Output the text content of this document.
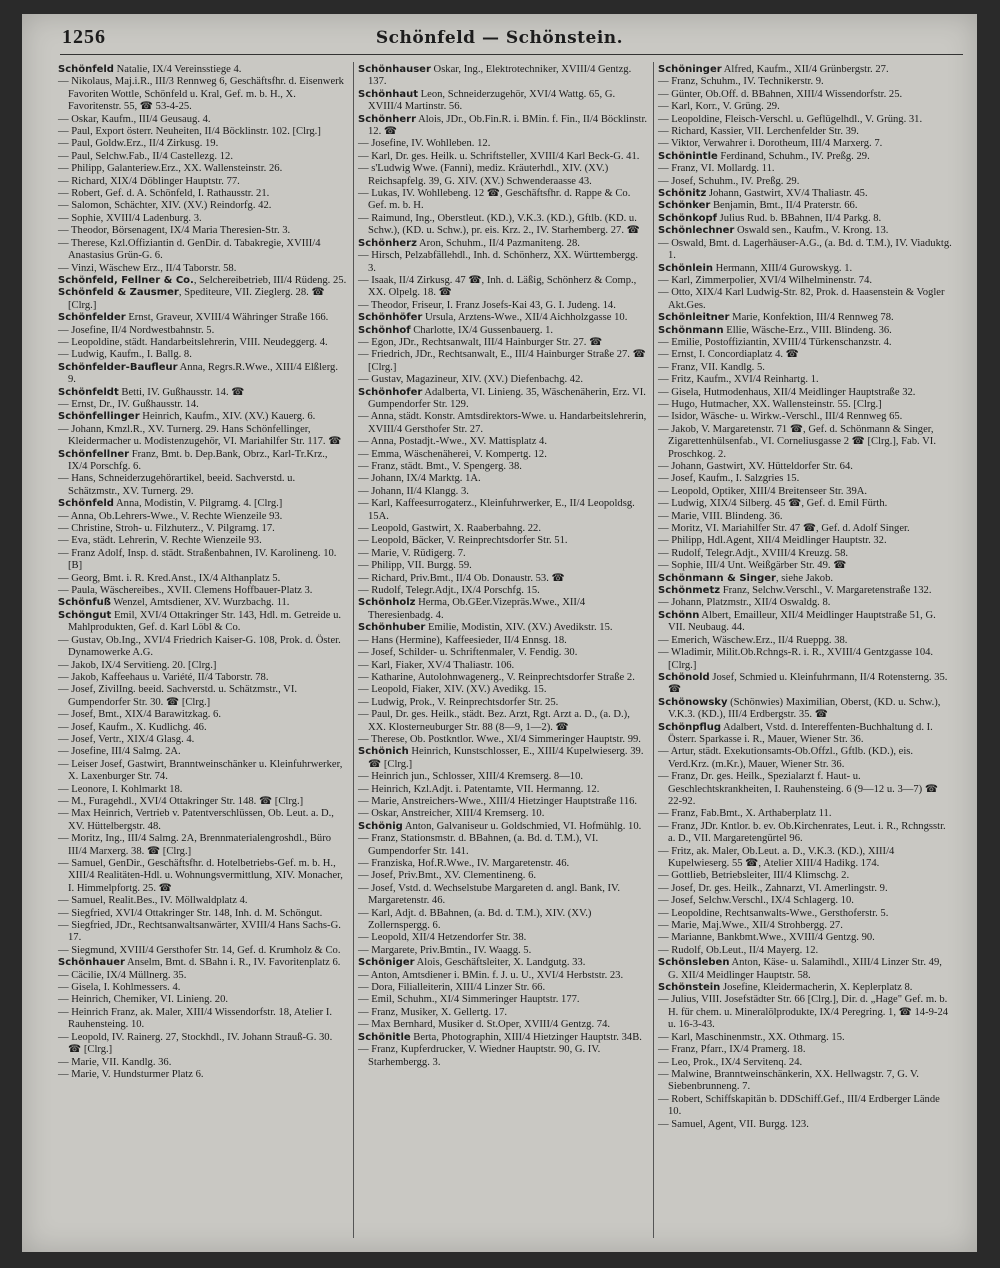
1256	Schönfeld — Schönstein.
Schönfeld Natalie, IX/4 Vereinsstiege 4.
— Nikolaus, Maj.i.R., III/3 Rennweg 6, Geschäftsfhr. d. Eisenwerk Favoriten Wottle, Schönfeld u. Kral, Gef. m. b. H., X. Favoritenstr. 55, ☎ 53-4-25.
— Oskar, Kaufm., III/4 Geusaug. 4.
— Paul, Export österr. Neuheiten, II/4 Böcklinstr. 102. [Clrg.]
— Paul, Goldw.Erz., II/4 Zirkusg. 19.
— Paul, Selchw.Fab., II/4 Castellezg. 12.
— Philipp, Galanteriew.Erz., XX. Wallensteinstr. 26.
— Richard, XIX/4 Döblinger Hauptstr. 77.
— Robert, Gef. d. A. Schönfeld, I. Rathausstr. 21.
— Salomon, Schächter, XIV. (XV.) Reindorfg. 42.
— Sophie, XVIII/4 Ladenburg. 3.
— Theodor, Börsenagent, IX/4 Maria Theresien-Str. 3.
— Therese, Kzl.Offiziantin d. GenDir. d. Tabakregie, XVIII/4 Anastasius Grün-G. 6.
— Vinzi, Wäschew Erz., II/4 Taborstr. 58.
Schönfeld, Fellner & Co., Selchereibetrieb, III/4 Rüdeng. 25.
Schönfeld & Zausmer, Spediteure, VII. Zieglerg. 28. ☎ [Clrg.]
Schönfelder Ernst, Graveur, XVIII/4 Währinger Straße 166.
— Josefine, II/4 Nordwestbahnstr. 5.
— Leopoldine, städt. Handarbeitslehrerin, VIII. Neudeggerg. 4.
— Ludwig, Kaufm., I. Ballg. 8.
Schönfelder-Baufleur Anna, Regrs.R.Wwe., XIII/4 Elßlerg. 9.
Schönfeldt Betti, IV. Gußhausstr. 14. ☎
— Ernst, Dr., IV. Gußhausstr. 14.
Schönfellinger Heinrich, Kaufm., XIV. (XV.) Kauerg. 6.
— Johann, Kmzl.R., XV. Turnerg. 29. Hans Schönfellinger, Kleidermacher u. Modistenzugehör, VI. Mariahilfer Str. 117. ☎
Schönfellner Franz, Bmt. b. Dep.Bank, Obrz., Karl-Tr.Krz., IX/4 Porschfg. 6.
— Hans, Schneiderzugehörartikel, beeid. Sachverstd. u. Schätzmstr., XV. Turnerg. 29.
Schönfeld Anna, Modistin, V. Pilgramg. 4. [Clrg.]
— Anna, Ob.Lehrers-Wwe., V. Rechte Wienzeile 93.
— Christine, Stroh- u. Filzhuterz., V. Pilgramg. 17.
— Eva, städt. Lehrerin, V. Rechte Wienzeile 93.
— Franz Adolf, Insp. d. städt. Straßenbahnen, IV. Karolineng. 10. [B]
— Georg, Bmt. i. R. Kred.Anst., IX/4 Althanplatz 5.
— Paula, Wäschereibes., XVII. Clemens Hoffbauer-Platz 3.
Schönfuß Wenzel, Amtsdiener, XV. Wurzbachg. 11.
Schöngut Emil, XVI/4 Ottakringer Str. 143, Hdl. m. Getreide u. Mahlprodukten, Gef. d. Karl Löbl & Co.
— Gustav, Ob.Ing., XVI/4 Friedrich Kaiser-G. 108, Prok. d. Öster. Dynamowerke A.G.
— Jakob, IX/4 Servitieng. 20. [Clrg.]
— Jakob, Kaffeehaus u. Variété, II/4 Taborstr. 78.
— Josef, ZivilIng. beeid. Sachverstd. u. Schätzmstr., VI. Gumpendorfer Str. 30. ☎ [Clrg.]
— Josef, Bmt., XIX/4 Barawitzkag. 6.
— Josef, Kaufm., X. Kudlichg. 46.
— Josef, Vertr., XIX/4 Glasg. 4.
— Josefine, III/4 Salmg. 2A.
— Leiser Josef, Gastwirt, Branntweinschänker u. Kleinfuhrwerker, X. Laxenburger Str. 74.
— Leonore, I. Kohlmarkt 18.
— M., Furagehdl., XVI/4 Ottakringer Str. 148. ☎ [Clrg.]
— Max Heinrich, Vertrieb v. Patentverschlüssen, Ob. Leut. a. D., XV. Hüttelbergstr. 48.
— Moritz, Ing., III/4 Salmg. 2A, Brennmaterialengroshdl., Büro III/4 Marxerg. 38. ☎ [Clrg.]
— Samuel, GenDir., Geschäftsfhr. d. Hotelbetriebs-Gef. m. b. H., XIII/4 Realitäten-Hdl. u. Wohnungsvermittlung, XIV. Monacher, I. Himmelpfortg. 25. ☎
— Samuel, Realit.Bes., IV. Möllwaldplatz 4.
— Siegfried, XVI/4 Ottakringer Str. 148, Inh. d. M. Schöngut.
— Siegfried, JDr., Rechtsanwaltsanwärter, XVIII/4 Hans Sachs-G. 17.
— Siegmund, XVIII/4 Gersthofer Str. 14, Gef. d. Krumholz & Co.
Schönhauer Anselm, Bmt. d. SBahn i. R., IV. Favoritenplatz 6.
— Cäcilie, IX/4 Müllnerg. 35.
— Gisela, I. Kohlmessers. 4.
— Heinrich, Chemiker, VI. Linieng. 20.
— Heinrich Franz, ak. Maler, XIII/4 Wissendorfstr. 18, Atelier I. Rauhensteing. 10.
— Leopold, IV. Rainerg. 27, Stockhdl., IV. Johann Strauß-G. 30. ☎ [Clrg.]
— Marie, VII. Kandlg. 36.
— Marie, V. Hundsturmer Platz 6.
Schönhauser Oskar, Ing., Elektrotechniker, XVIII/4 Gentzg. 137.
Schönhaut Leon, Schneiderzugehör, XVI/4 Wattg. 65, G. XVIII/4 Martinstr. 56.
Schönherr Alois, JDr., Ob.Fin.R. i. BMin. f. Fin., II/4 Böcklinstr. 12. ☎
— Josefine, IV. Wohlleben. 12.
— Karl, Dr. ges. Heilk. u. Schriftsteller, XVIII/4 Karl Beck-G. 41.
— s'Ludwig Wwe. (Fanni), mediz. Kräuterhdl., XIV. (XV.) Reichsapfelg. 39, G. XIV. (XV.) Schwenderaasse 43.
— Lukas, IV. Wohllebeng. 12 ☎, Geschäftsfhr. d. Rappe & Co. Gef. m. b. H.
— Raimund, Ing., Oberstleut. (KD.), V.K.3. (KD.), Gftlb. (KD. u. Schw.), (KD. u. Schw.), pr. eis. Krz. 2., IV. Starhemberg. 27. ☎
Schönherz Aron, Schuhm., II/4 Pazmaniteng. 28.
— Hirsch, Pelzabfällehdl., Inh. d. Schönherz, XX. Württembergg. 3.
— Isaak, II/4 Zirkusg. 47 ☎, Inh. d. Läßig, Schönherz & Comp., XX. Olpelg. 18. ☎
— Theodor, Friseur, I. Franz Josefs-Kai 43, G. I. Judeng. 14.
Schönhöfer Ursula, Arztens-Wwe., XII/4 Aichholzgasse 10.
Schönhof Charlotte, IX/4 Gussenbauerg. 1.
— Egon, JDr., Rechtsanwalt, III/4 Hainburger Str. 27. ☎
— Friedrich, JDr., Rechtsanwalt, E., III/4 Hainburger Straße 27. ☎ [Clrg.]
— Gustav, Magazineur, XIV. (XV.) Diefenbachg. 42.
Schönhofer Adalberta, VI. Linieng. 35, Wäschenäherin, Erz. VI. Gumpendorfer Str. 129.
— Anna, städt. Konstr. Amtsdirektors-Wwe. u. Handarbeitslehrerin, XVIII/4 Gersthofer Str. 27.
— Anna, Postadjt.-Wwe., XV. Mattisplatz 4.
— Emma, Wäschenäherei, V. Kompertg. 12.
— Franz, städt. Bmt., V. Spengerg. 38.
— Johann, IX/4 Marktg. 1A.
— Johann, II/4 Klangg. 3.
— Karl, Kaffeesurrogaterz., Kleinfuhrwerker, E., II/4 Leopoldsg. 15A.
— Leopold, Gastwirt, X. Raaberbahng. 22.
— Leopold, Bäcker, V. Reinprechtsdorfer Str. 51.
— Marie, V. Rüdigerg. 7.
— Philipp, VII. Burgg. 59.
— Richard, Priv.Bmt., II/4 Ob. Donaustr. 53. ☎
— Rudolf, Telegr.Adjt., IX/4 Porschfg. 15.
Schönholz Herma, Ob.GEer.Vizepräs.Wwe., XII/4 Theresienbadg. 4.
Schönhuber Emilie, Modistin, XIV. (XV.) Avedikstr. 15.
— Hans (Hermine), Kaffeesieder, II/4 Ennsg. 18.
— Josef, Schilder- u. Schriftenmaler, V. Fendig. 30.
— Karl, Fiaker, XV/4 Thaliastr. 106.
— Katharine, Autolohnwagenerg., V. Reinprechtsdorfer Straße 2.
— Leopold, Fiaker, XIV. (XV.) Avedikg. 15.
— Ludwig, Prok., V. Reinprechtsdorfer Str. 25.
— Paul, Dr. ges. Heilk., städt. Bez. Arzt, Rgt. Arzt a. D., (a. D.), XX. Klosterneuburger Str. 88 (8—9, 1—2). ☎
— Therese, Ob. Postkntlor. Wwe., XI/4 Simmeringer Hauptstr. 99.
Schönich Heinrich, Kunstschlosser, E., XIII/4 Kupelwieserg. 39. ☎ [Clrg.]
— Heinrich jun., Schlosser, XIII/4 Kremserg. 8—10.
— Heinrich, Kzl.Adjt. i. Patentamte, VII. Hermanng. 12.
— Marie, Anstreichers-Wwe., XIII/4 Hietzinger Hauptstraße 116.
— Oskar, Anstreicher, XIII/4 Kremserg. 10.
Schönig Anton, Galvaniseur u. Goldschmied, VI. Hofmühlg. 10.
— Franz, Stationsmstr. d. BBahnen, (a. Bd. d. T.M.), VI. Gumpendorfer Str. 141.
— Franziska, Hof.R.Wwe., IV. Margaretenstr. 46.
— Josef, Priv.Bmt., XV. Clementineng. 6.
— Josef, Vstd. d. Wechselstube Margareten d. angl. Bank, IV. Margaretenstr. 46.
— Karl, Adjt. d. BBahnen, (a. Bd. d. T.M.), XIV. (XV.) Zollernspergg. 6.
— Leopold, XII/4 Hetzendorfer Str. 38.
— Margarete, Priv.Bmtin., IV. Waagg. 5.
Schöniger Alois, Geschäftsleiter, X. Landgutg. 33.
— Anton, Amtsdiener i. BMin. f. J. u. U., XVI/4 Herbststr. 23.
— Dora, Filialleiterin, XIII/4 Linzer Str. 66.
— Emil, Schuhm., XI/4 Simmeringer Hauptstr. 177.
— Franz, Musiker, X. Gellertg. 17.
— Max Bernhard, Musiker d. St.Oper, XVIII/4 Gentzg. 74.
Schönitle Berta, Photographin, XIII/4 Hietzinger Hauptstr. 34B.
— Franz, Kupferdrucker, V. Wiedner Hauptstr. 90, G. IV. Starhembergg. 3.
Schöninger Alfred, Kaufm., XII/4 Grünbergstr. 27.
— Franz, Schuhm., IV. Technikerstr. 9.
— Günter, Ob.Off. d. BBahnen, XIII/4 Wissendorfstr. 25.
— Karl, Korr., V. Grüng. 29.
— Leopoldine, Fleisch-Verschl. u. Geflügelhdl., V. Grüng. 31.
— Richard, Kassier, VII. Lerchenfelder Str. 39.
— Viktor, Verwahrer i. Dorotheum, III/4 Marxerg. 7.
Schönintle Ferdinand, Schuhm., IV. Preßg. 29.
— Franz, VI. Mollardg. 11.
— Josef, Schuhm., IV. Preßg. 29.
Schönitz Johann, Gastwirt, XV/4 Thaliastr. 45.
Schönker Benjamin, Bmt., II/4 Praterstr. 66.
Schönkopf Julius Rud. b. BBahnen, II/4 Parkg. 8.
Schönlechner Oswald sen., Kaufm., V. Krong. 13.
— Oswald, Bmt. d. Lagerhäuser-A.G., (a. Bd. d. T.M.), IV. Viaduktg. 1.
Schönlein Hermann, XIII/4 Gurowskyg. 1.
— Karl, Zimmerpolier, XVI/4 Wilhelminenstr. 74.
— Otto, XIX/4 Karl Ludwig-Str. 82, Prok. d. Haasenstein & Vogler Akt.Ges.
Schönleitner Marie, Konfektion, III/4 Rennweg 78.
Schönmann Ellie, Wäsche-Erz., VIII. Blindeng. 36.
— Emilie, Postoffiziantin, XVIII/4 Türkenschanzstr. 4.
— Ernst, I. Concordiaplatz 4. ☎
— Franz, VII. Kandlg. 5.
— Fritz, Kaufm., XVI/4 Reinhartg. 1.
— Gisela, Hutmodenhaus, XII/4 Meidlinger Hauptstraße 32.
— Hugo, Hutmacher, XX. Wallensteinstr. 55. [Clrg.]
— Isidor, Wäsche- u. Wirkw.-Verschl., III/4 Rennweg 65.
— Jakob, V. Margaretenstr. 71 ☎, Gef. d. Schönmann & Singer, Zigarettenhülsenfab., VI. Corneliusgasse 2 ☎ [Clrg.], Fab. VI. Proschkog. 2.
— Johann, Gastwirt, XV. Hütteldorfer Str. 64.
— Josef, Kaufm., I. Salzgries 15.
— Leopold, Optiker, XIII/4 Breitenseer Str. 39A.
— Ludwig, XIX/4 Silberg. 45 ☎, Gef. d. Emil Fürth.
— Marie, VIII. Blindeng. 36.
— Moritz, VI. Mariahilfer Str. 47 ☎, Gef. d. Adolf Singer.
— Philipp, Hdl.Agent, XII/4 Meidlinger Hauptstr. 32.
— Rudolf, Telegr.Adjt., XVIII/4 Kreuzg. 58.
— Sophie, III/4 Unt. Weißgärber Str. 49. ☎
Schönmann & Singer, siehe Jakob.
Schönmetz Franz, Selchw.Verschl., V. Margaretenstraße 132.
— Johann, Platzmstr., XII/4 Oswaldg. 8.
Schönn Albert, Emailleur, XII/4 Meidlinger Hauptstraße 51, G. VII. Neubaug. 44.
— Emerich, Wäschew.Erz., II/4 Rueppg. 38.
— Wladimir, Milit.Ob.Rchngs-R. i. R., XVIII/4 Gentzgasse 104. [Clrg.]
Schönold Josef, Schmied u. Kleinfuhrmann, II/4 Rotensterng. 35. ☎
Schönowsky (Schönwies) Maximilian, Oberst, (KD. u. Schw.), V.K.3. (KD.), III/4 Erdbergstr. 35. ☎
Schönpflug Adalbert, Vstd. d. Intereffenten-Buchhaltung d. I. Österr. Sparkasse i. R., Mauer, Wiener Str. 36.
— Artur, städt. Exekutionsamts-Ob.Offzl., Gftlb. (KD.), eis. Verd.Krz. (m.Kr.), Mauer, Wiener Str. 36.
— Franz, Dr. ges. Heilk., Spezialarzt f. Haut- u. Geschlechtskrankheiten, I. Rauhensteing. 6 (9—12 u. 3—7) ☎ 22-92.
— Franz, Fab.Bmt., X. Arthaberplatz 11.
— Franz, JDr. Kntlor. b. ev. Ob.Kirchenrates, Leut. i. R., Rchngsstr. a. D., VII. Margaretengürtel 96.
— Fritz, ak. Maler, Ob.Leut. a. D., V.K.3. (KD.), XIII/4 Kupelwieserg. 55 ☎, Atelier XIII/4 Hadikg. 174.
— Gottlieb, Betriebsleiter, III/4 Klimschg. 2.
— Josef, Dr. ges. Heilk., Zahnarzt, VI. Amerlingstr. 9.
— Josef, Selchw.Verschl., IX/4 Schlagerg. 10.
— Leopoldine, Rechtsanwalts-Wwe., Gersthoferstr. 5.
— Marie, Maj.Wwe., XII/4 Strohbergg. 27.
— Marianne, Bankbmt.Wwe., XVIII/4 Gentzg. 90.
— Rudolf, Ob.Leut., II/4 Mayerg. 12.
Schönsleben Anton, Käse- u. Salamihdl., XIII/4 Linzer Str. 49, G. XII/4 Meidlinger Hauptstr. 58.
Schönstein Josefine, Kleidermacherin, X. Keplerplatz 8.
— Julius, VIII. Josefstädter Str. 66 [Clrg.], Dir. d. „Hage" Gef. m. b. H. für chem. u. Mineralölprodukte, IX/4 Peregring. 1, ☎ 14-9-24 u. 16-3-43.
— Karl, Maschinenmstr., XX. Othmarg. 15.
— Franz, Pfarr., IX/4 Pramerg. 18.
— Leo, Prok., IX/4 Servitenq. 24.
— Malwine, Branntweinschänkerin, XX. Hellwagstr. 7, G. V. Siebenbrunneng. 7.
— Robert, Schiffskapitän b. DDSchiff.Gef., III/4 Erdberger Lände 10.
— Samuel, Agent, VII. Burgg. 123.
